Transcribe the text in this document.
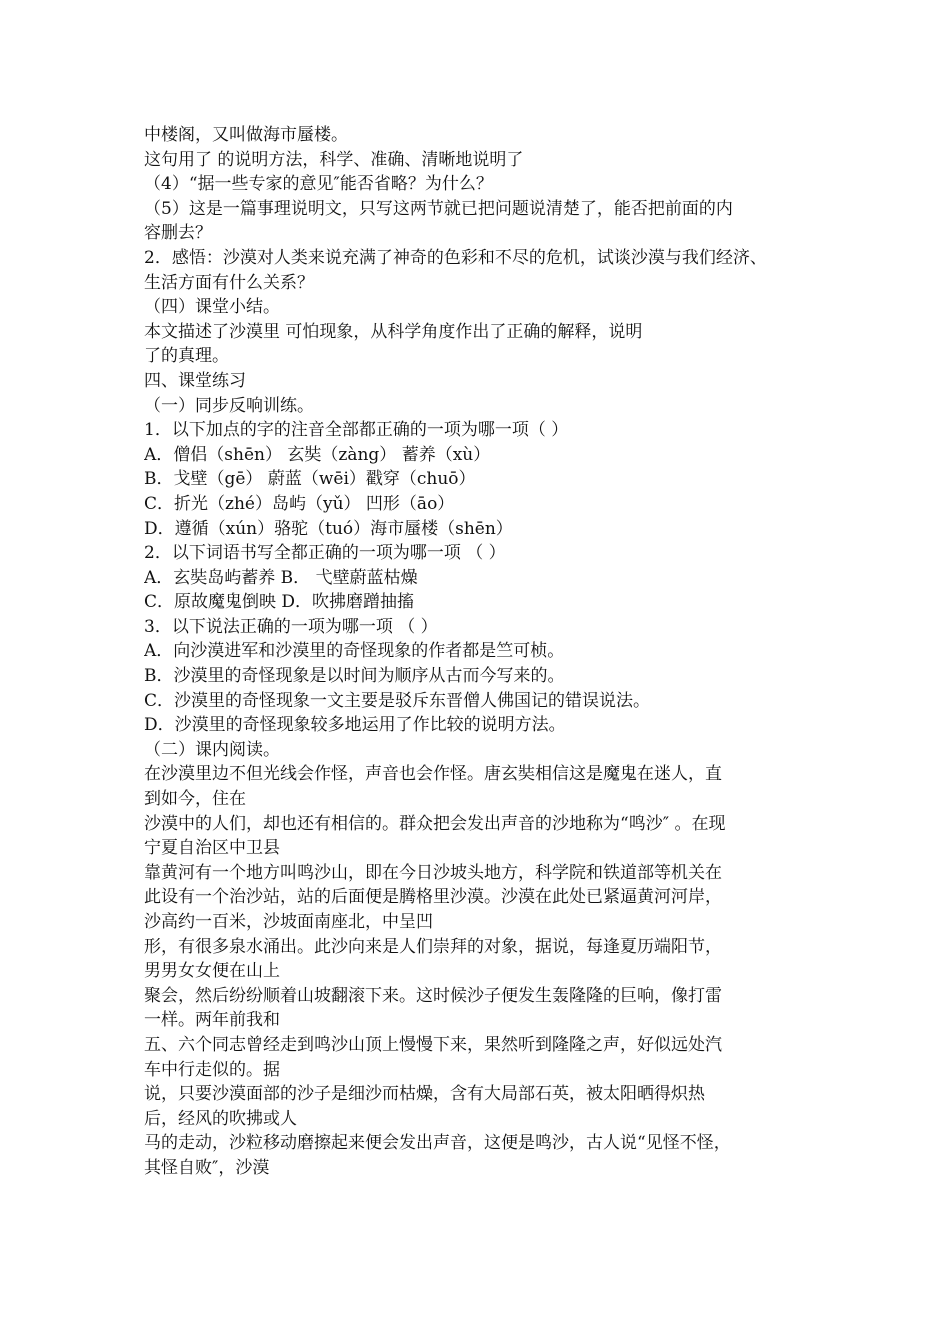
中楼阁，又叫做海市蜃楼。
这句用了 的说明方法，科学、准确、清晰地说明了
（4）“据一些专家的意见″能否省略？为什么？
（5）这是一篇事理说明文，只写这两节就已把问题说清楚了，能否把前面的内
容删去？
2．感悟：沙漠对人类来说充满了神奇的色彩和不尽的危机，试谈沙漠与我们经济、
生活方面有什么关系？
（四）课堂小结。
本文描述了沙漠里 可怕现象，从科学角度作出了正确的解释，说明
了的真理。
四、课堂练习
（一）同步反响训练。
1．以下加点的字的注音全部都正确的一项为哪一项（ ）
A．僧侣（shēn） 玄奘（zàng） 蓄养（xù）
B．戈壁（gē） 蔚蓝（wēi）戳穿（chuō）
C．折光（zhé）岛屿（yǔ） 凹形（āo）
D．遵循（xún）骆驼（tuó）海市蜃楼（shēn）
2．以下词语书写全都正确的一项为哪一项 （ ）
A．玄奘岛屿蓄养 B． 弋壁蔚蓝枯燥
C．原故魔鬼倒映 D．吹拂磨蹭抽搐
3．以下说法正确的一项为哪一项 （ ）
A．向沙漠进军和沙漠里的奇怪现象的作者都是竺可桢。
B．沙漠里的奇怪现象是以时间为顺序从古而今写来的。
C．沙漠里的奇怪现象一文主要是驳斥东晋僧人佛国记的错误说法。
D．沙漠里的奇怪现象较多地运用了作比较的说明方法。
（二）课内阅读。
在沙漠里边不但光线会作怪，声音也会作怪。唐玄奘相信这是魔鬼在迷人，直
到如今，住在
沙漠中的人们，却也还有相信的。群众把会发出声音的沙地称为“鸣沙″ 。在现
宁夏自治区中卫县
靠黄河有一个地方叫鸣沙山，即在今日沙坡头地方，科学院和铁道部等机关在
此设有一个治沙站，站的后面便是腾格里沙漠。沙漠在此处已紧逼黄河河岸，
沙高约一百米，沙坡面南座北，中呈凹
形，有很多泉水涌出。此沙向来是人们崇拜的对象，据说，每逢夏历端阳节，
男男女女便在山上
聚会，然后纷纷顺着山坡翻滚下来。这时候沙子便发生轰隆隆的巨响，像打雷
一样。两年前我和
五、六个同志曾经走到鸣沙山顶上慢慢下来，果然听到隆隆之声，好似远处汽
车中行走似的。据
说，只要沙漠面部的沙子是细沙而枯燥，含有大局部石英，被太阳晒得炽热
后，经风的吹拂或人
马的走动，沙粒移动磨擦起来便会发出声音，这便是鸣沙，古人说“见怪不怪，
其怪自败″，沙漠
